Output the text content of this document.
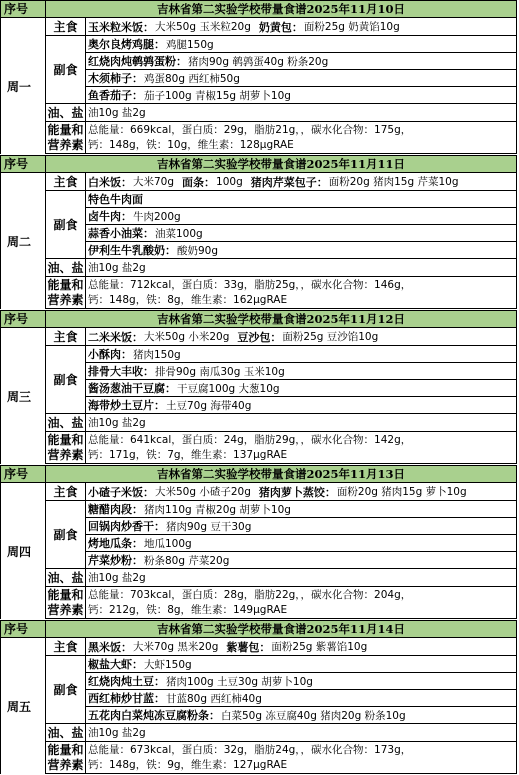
序号	吉林省第二实验学校带量食谱2025年11月10日
周一
主食 玉米粒米饭： 大米50g 玉米粒20g 奶黄包： 面粉25g 奶黄馅10g
副食
奥尔良烤鸡腿： 鸡腿150g
红烧肉炖鹌鹑蛋粉： 猪肉90g 鹌鹑蛋40g 粉条20g
木须柿子： 鸡蛋80g 西红柿50g
鱼香茄子： 茄子100g 青椒15g 胡萝卜10g
油、盐 油10g 盐2g
能量和
营养素
总能量：669kcal，蛋白质：29g，脂肪21g，，碳水化合物：175g，
钙：148g，铁：10g，维生素：128μgRAE
序号	吉林省第二实验学校带量食谱2025年11月11日
周二
主食 白米饭： 大米70g 面条： 100g 猪肉芹菜包子： 面粉20g 猪肉15g 芹菜10g
副食
特色牛肉面
卤牛肉： 牛肉200g
蒜香小油菜： 油菜100g
伊利生牛乳酸奶： 酸奶90g
油、盐 油10g 盐2g
能量和
营养素
总能量：712kcal，蛋白质：33g，脂肪25g，，碳水化合物：146g，
钙：148g，铁：8g，维生素：162μgRAE
序号	吉林省第二实验学校带量食谱2025年11月12日
周三
主食 二米米饭： 大米50g 小米20g 豆沙包： 面粉25g 豆沙馅10g
副食
小酥肉： 猪肉150g
排骨大丰收： 排骨90g 南瓜30g 玉米10g
酱汤葱油干豆腐： 干豆腐100g 大葱10g
海带炒土豆片： 土豆70g 海带40g
油、盐 油10g 盐2g
能量和
营养素
总能量：641kcal，蛋白质：24g，脂肪29g，，碳水化合物：142g，
钙：171g，铁：7g，维生素：137μgRAE
序号	吉林省第二实验学校带量食谱2025年11月13日
周四
主食 小碴子米饭： 大米50g 小碴子20g 猪肉萝卜蒸饺： 面粉20g 猪肉15g 萝卜10g
副食
糖醋肉段： 猪肉110g 青椒20g 胡萝卜10g
回锅肉炒香干： 猪肉90g 豆干30g
烤地瓜条： 地瓜100g
芹菜炒粉： 粉条80g 芹菜20g
油、盐 油10g 盐2g
能量和
营养素
总能量：703kcal，蛋白质：28g，脂肪22g，，碳水化合物：204g，
钙：212g，铁：8g，维生素：149μgRAE
序号	吉林省第二实验学校带量食谱2025年11月14日
周五
主食 黑米饭： 大米70g 黑米20g 紫薯包： 面粉25g 紫薯馅10g
副食
椒盐大虾： 大虾150g
红烧肉炖土豆： 猪肉100g 土豆30g 胡萝卜10g
西红柿炒甘蓝： 甘蓝80g 西红柿40g
五花肉白菜炖冻豆腐粉条： 白菜50g 冻豆腐40g 猪肉20g 粉条10g
油、盐 油10g 盐2g
能量和
营养素
总能量：673kcal，蛋白质：32g，脂肪24g，，碳水化合物：173g，
钙：148g，铁：9g，维生素：127μgRAE
